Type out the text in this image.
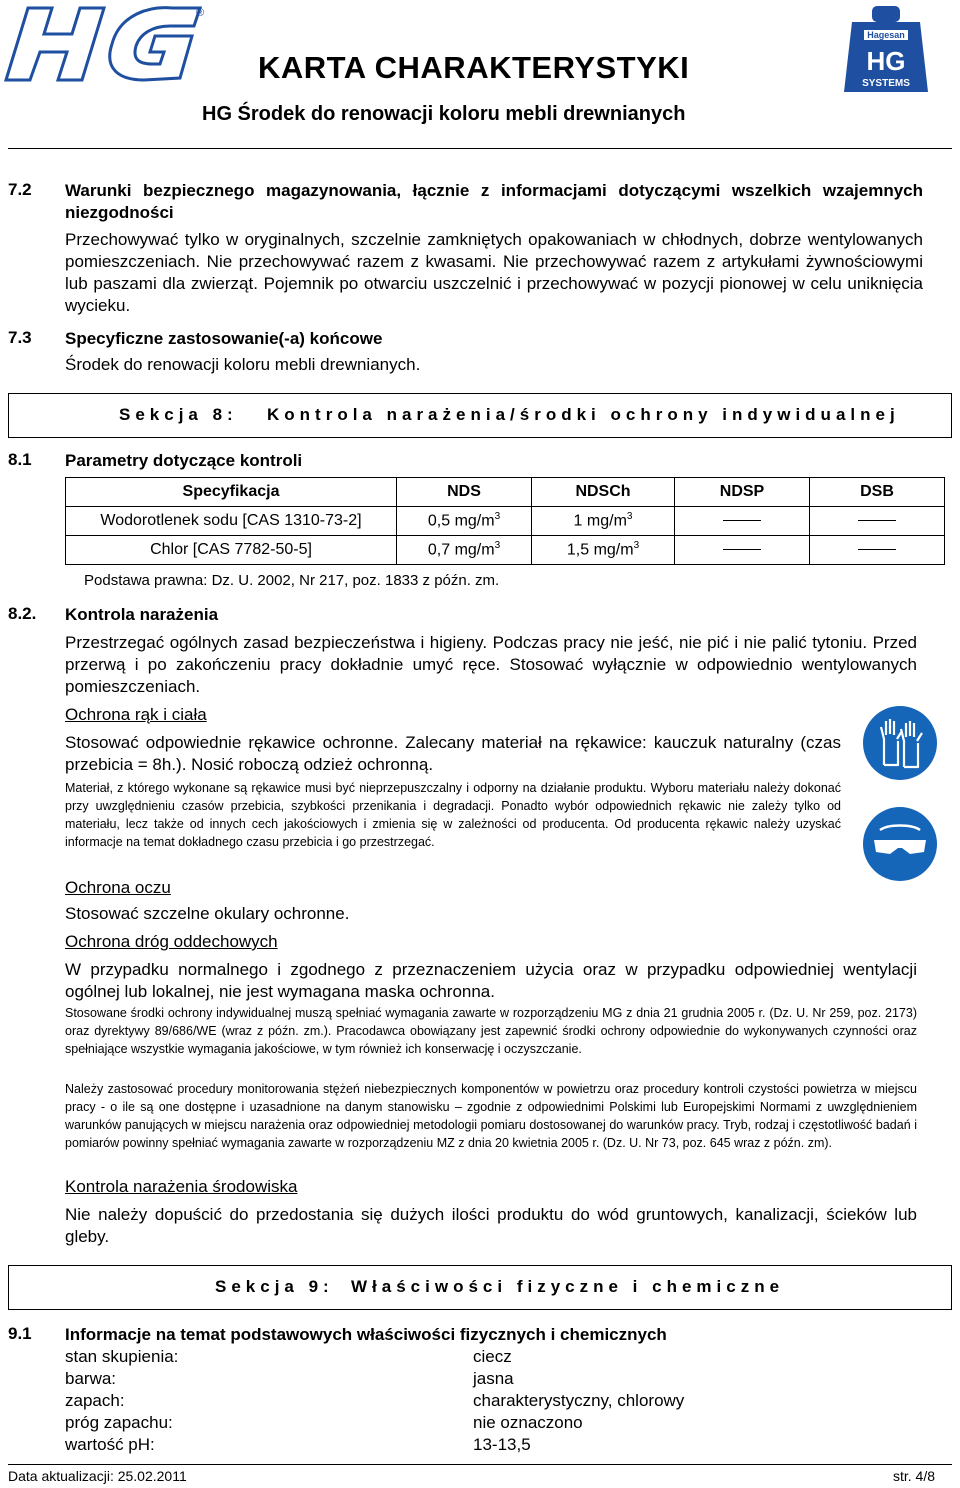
®
Hagesan
HG
SYSTEMS
KARTA CHARAKTERYSTYKI
HG Środek do renowacji koloru mebli drewnianych
7.2 Warunki bezpiecznego magazynowania, łącznie z informacjami dotyczącymi wszelkich wzajemnych niezgodności
Przechowywać tylko w oryginalnych, szczelnie zamkniętych opakowaniach w chłodnych, dobrze wentylowanych pomieszczeniach. Nie przechowywać razem z kwasami. Nie przechowywać razem z artykułami żywnościowymi lub paszami dla zwierząt. Pojemnik po otwarciu uszczelnić i przechowywać w pozycji pionowej w celu uniknięcia wycieku.
7.3 Specyficzne zastosowanie(-a) końcowe
Środek do renowacji koloru mebli drewnianych.
Sekcja 8: Kontrola narażenia/środki ochrony indywidualnej
8.1 Parametry dotyczące kontroli
Specyfikacja	NDS	NDSCh	NDSP	DSB
Wodorotlenek sodu [CAS 1310-73-2]	0,5 $mg/m^3$	1 $mg/m^3$		
Chlor [CAS 7782-50-5]	0,7 $mg/m^3$	1,5 $mg/m^3$		
Podstawa prawna: Dz. U. 2002, Nr 217, poz. 1833 z późn. zm.
8.2. Kontrola narażenia
Przestrzegać ogólnych zasad bezpieczeństwa i higieny. Podczas pracy nie jeść, nie pić i nie palić tytoniu. Przed przerwą i po zakończeniu pracy dokładnie umyć ręce. Stosować wyłącznie w odpowiednio wentylowanych pomieszczeniach.
Ochrona rąk i ciała
Stosować odpowiednie rękawice ochronne. Zalecany materiał na rękawice: kauczuk naturalny (czas przebicia = 8h.). Nosić roboczą odzież ochronną.
Materiał, z którego wykonane są rękawice musi być nieprzepuszczalny i odporny na działanie produktu. Wyboru materiału należy dokonać przy uwzględnieniu czasów przebicia, szybkości przenikania i degradacji. Ponadto wybór odpowiednich rękawic nie zależy tylko od materiału, lecz także od innych cech jakościowych i zmienia się w zależności od producenta. Od producenta rękawic należy uzyskać informacje na temat dokładnego czasu przebicia i go przestrzegać.
Ochrona oczu
Stosować szczelne okulary ochronne.
Ochrona dróg oddechowych
W przypadku normalnego i zgodnego z przeznaczeniem użycia oraz w przypadku odpowiedniej wentylacji ogólnej lub lokalnej, nie jest wymagana maska ochronna.
Stosowane środki ochrony indywidualnej muszą spełniać wymagania zawarte w rozporządzeniu MG z dnia 21 grudnia 2005 r. (Dz. U. Nr 259, poz. 2173) oraz dyrektywy 89/686/WE (wraz z późn. zm.). Pracodawca obowiązany jest zapewnić środki ochrony odpowiednie do wykonywanych czynności oraz spełniające wszystkie wymagania jakościowe, w tym również ich konserwację i oczyszczanie.
Należy zastosować procedury monitorowania stężeń niebezpiecznych komponentów w powietrzu oraz procedury kontroli czystości powietrza w miejscu pracy - o ile są one dostępne i uzasadnione na danym stanowisku – zgodnie z odpowiednimi Polskimi lub Europejskimi Normami z uwzględnieniem warunków panujących w miejscu narażenia oraz odpowiedniej metodologii pomiaru dostosowanej do warunków pracy. Tryb, rodzaj i częstotliwość badań i pomiarów powinny spełniać wymagania zawarte w rozporządzeniu MZ z dnia 20 kwietnia 2005 r. (Dz. U. Nr 73, poz. 645 wraz z późn. zm).
Kontrola narażenia środowiska
Nie należy dopuścić do przedostania się dużych ilości produktu do wód gruntowych, kanalizacji, ścieków lub gleby.
Sekcja 9: Właściwości fizyczne i chemiczne
9.1 Informacje na temat podstawowych właściwości fizycznych i chemicznych
stan skupienia:	ciecz
barwa:	jasna
zapach:	charakterystyczny, chlorowy
próg zapachu:	nie oznaczono
wartość pH:	13-13,5
Data aktualizacji: 25.02.2011	str. 4/8
